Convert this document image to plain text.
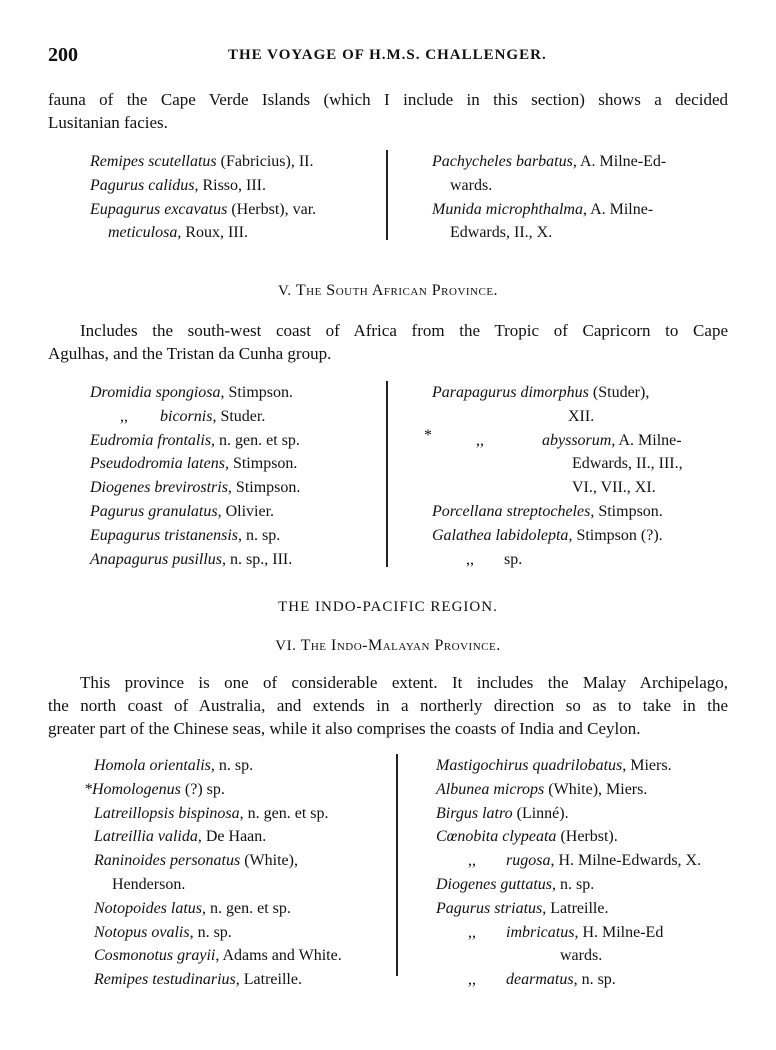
200	THE VOYAGE OF H.M.S. CHALLENGER.
fauna of the Cape Verde Islands (which I include in this section) shows a decided
Lusitanian facies.
Remipes scutellatus (Fabricius), II.
Pagurus calidus, Risso, III.
Eupagurus excavatus (Herbst), var.
meticulosa, Roux, III.
Pachycheles barbatus, A. Milne-Ed-
wards.
Munida microphthalma, A. Milne-
Edwards, II., X.
V. The South African Province.
Includes the south-west coast of Africa from the Tropic of Capricorn to Cape
Agulhas, and the Tristan da Cunha group.
Dromidia spongiosa, Stimpson.
,, bicornis, Studer.
Eudromia frontalis, n. gen. et sp.
Pseudodromia latens, Stimpson.
Diogenes brevirostris, Stimpson.
Pagurus granulatus, Olivier.
Eupagurus tristanensis, n. sp.
Anapagurus pusillus, n. sp., III.
*
Parapagurus dimorphus (Studer),
XII.
,,	abyssorum, A. Milne-
Edwards, II., III.,
VI., VII., XI.
Porcellana streptocheles, Stimpson.
Galathea labidolepta, Stimpson (?).
,, sp.
THE INDO-PACIFIC REGION.
VI. The Indo-Malayan Province.
This province is one of considerable extent. It includes the Malay Archipelago,
the north coast of Australia, and extends in a northerly direction so as to take in the
greater part of the Chinese seas, while it also comprises the coasts of India and Ceylon.
Homola orientalis, n. sp.
*Homologenus (?) sp.
Latreillopsis bispinosa, n. gen. et sp.
Latreillia valida, De Haan.
Raninoides personatus (White),
Henderson.
Notopoides latus, n. gen. et sp.
Notopus ovalis, n. sp.
Cosmonotus grayii, Adams and White.
Remipes testudinarius, Latreille.
Mastigochirus quadrilobatus, Miers.
Albunea microps (White), Miers.
Birgus latro (Linné).
Cœnobita clypeata (Herbst).
,, rugosa, H. Milne-Edwards, X.
Diogenes guttatus, n. sp.
Pagurus striatus, Latreille.
,, imbricatus, H. Milne-Ed
wards.
,, dearmatus, n. sp.
